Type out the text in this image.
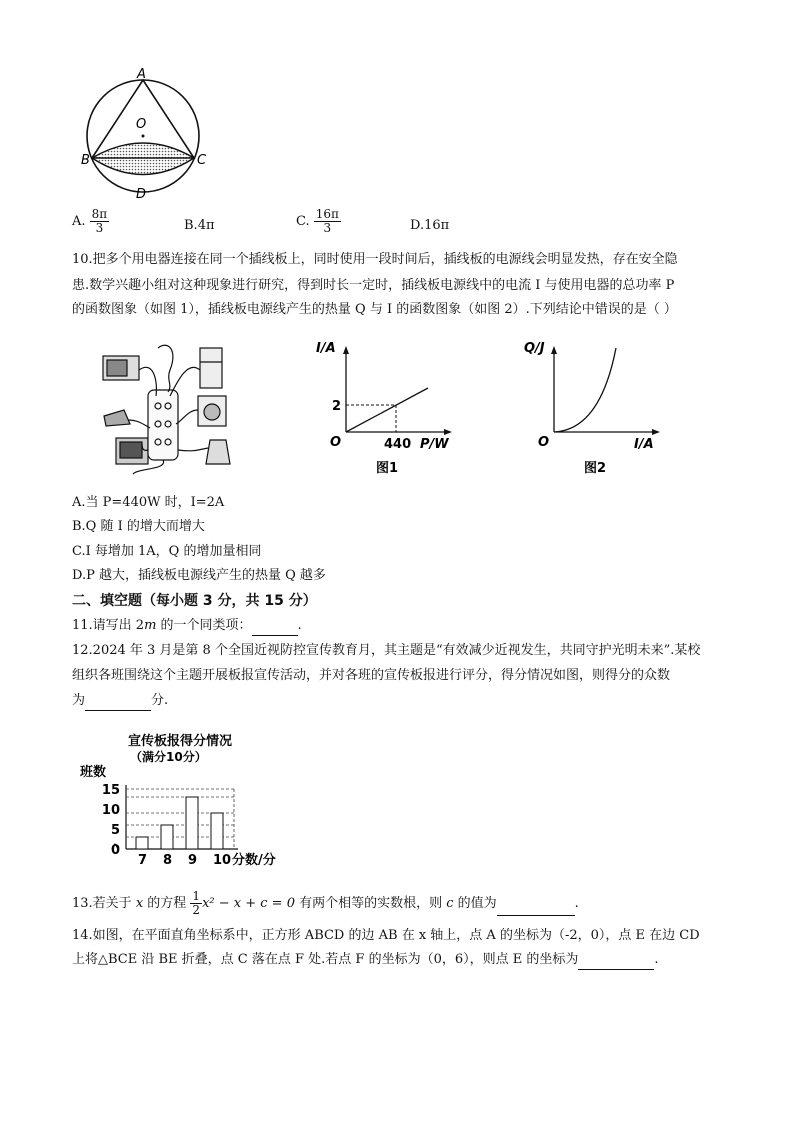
A
O
B	C
D
A. $\frac{8\pi}{3}$	B.4π	C. $\frac{16\pi}{3}$	D.16π
10.把多个用电器连接在同一个插线板上，同时使用一段时间后，插线板的电源线会明显发热，存在安全隐
患.数学兴趣小组对这种现象进行研究，得到时长一定时，插线板电源线中的电流 I 与使用电器的总功率 P
的函数图象（如图 1），插线板电源线产生的热量 Q 与 I 的函数图象（如图 2）.下列结论中错误的是（ ）
I/A
P/W
O
2
440
图1
Q/J
I/A
O
图2
A.当 P=440W 时，I=2A
B.Q 随 I 的增大而增大
C.I 每增加 1A，Q 的增加量相同
D.P 越大，插线板电源线产生的热量 Q 越多
二、填空题（每小题 3 分，共 15 分）
11.请写出 2m 的一个同类项：	.
12.2024 年 3 月是第 8 个全国近视防控宣传教育月，其主题是“有效减少近视发生，共同守护光明未来”.某校
组织各班围绕这个主题开展板报宣传活动，并对各班的宣传板报进行评分，得分情况如图，则得分的众数
为	分.
宣传板报得分情况
（满分10分）
班数
分数/分
0
5
10
15
7 8 9 10
13.若关于 x 的方程 $\frac{1}{2} x^2 - x + c = 0$ 有两个相等的实数根，则 c 的值为	.
14.如图，在平面直角坐标系中，正方形 ABCD 的边 AB 在 x 轴上，点 A 的坐标为（-2，0），点 E 在边 CD
上将△BCE 沿 BE 折叠，点 C 落在点 F 处.若点 F 的坐标为（0，6），则点 E 的坐标为	.
